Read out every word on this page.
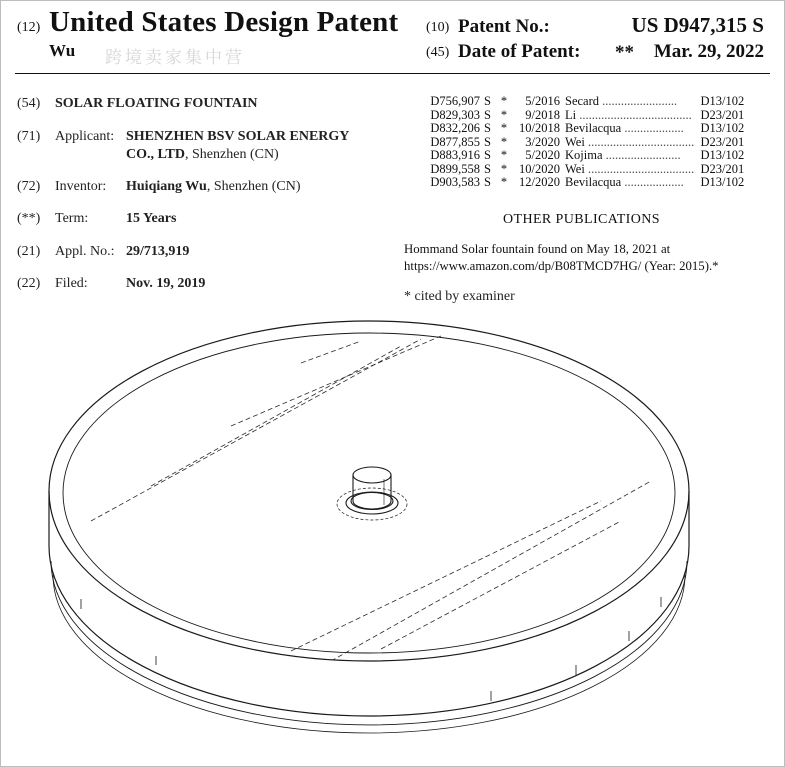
(12) United States Design Patent
Wu 跨境卖家集中营
(10) Patent No.:	US D947,315 S
(45) Date of Patent: ** Mar. 29, 2022
(54) SOLAR FLOATING FOUNTAIN
(71) Applicant: SHENZHEN BSV SOLAR ENERGY
CO., LTD, Shenzhen (CN)
(72) Inventor: Huiqiang Wu, Shenzhen (CN)
(**) Term:	15 Years
(21) Appl. No.: 29/713,919
(22) Filed:	Nov. 19, 2019
D756,907	S	*	5/2016	Secard ........................	D13/102
D829,303	S	*	9/2018	Li ....................................	D23/201
D832,206	S	*	10/2018	Bevilacqua ...................	D13/102
D877,855	S	*	3/2020	Wei ..................................	D23/201
D883,916	S	*	5/2020	Kojima ........................	D13/102
D899,558	S	*	10/2020	Wei ..................................	D23/201
D903,583	S	*	12/2020	Bevilacqua ...................	D13/102
OTHER PUBLICATIONS
Hommand Solar fountain found on May 18, 2021 at https://www.amazon.com/dp/B08TMCD7HG/ (Year: 2015).*
* cited by examiner
